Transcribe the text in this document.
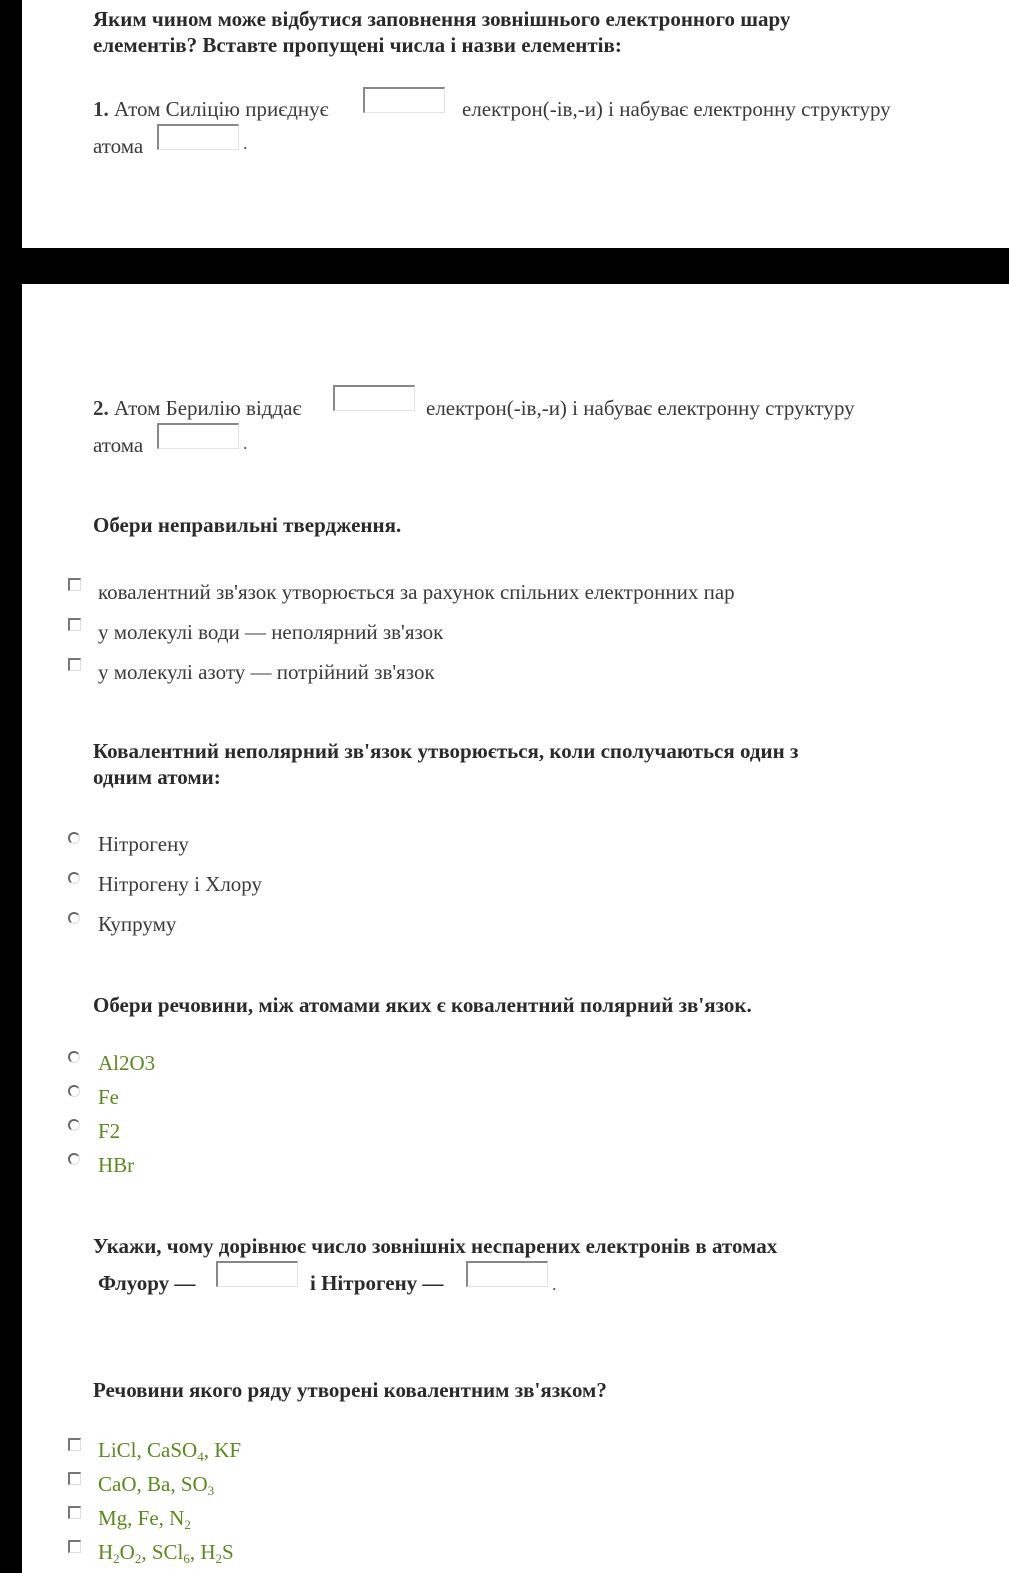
Яким чином може відбутися заповнення зовнішнього електронного шару
елементів? Вставте пропущені числа і назви елементів:
1. Атом Силіцію приєднує	електрон(-ів,-и) і набуває електронну структуру
атома	.
2. Атом Берилію віддає	електрон(-ів,-и) і набуває електронну структуру
атома	.
Обери неправильні твердження.
ковалентний зв'язок утворюється за рахунок спільних електронних пар
у молекулі води — неполярний зв'язок
у молекулі азоту — потрійний зв'язок
Ковалентний неполярний зв'язок утворюється, коли сполучаються один з
одним атоми:
Нітрогену
Нітрогену і Хлору
Купруму
Обери речовини, між атомами яких є ковалентний полярний зв'язок.
Al2O3
Fe
F2
HBr
Укажи, чому дорівнює число зовнішніх неспарених електронів в атомах
Флуору —	і Нітрогену —	.
Речовини якого ряду утворені ковалентним зв'язком?
LiCl, CaSO$_4$, KF
CaO, Ba, $SO_3$
Mg, Fe, $N_2$
$H_2O_2$, SCl$_6$, $H_2S$
